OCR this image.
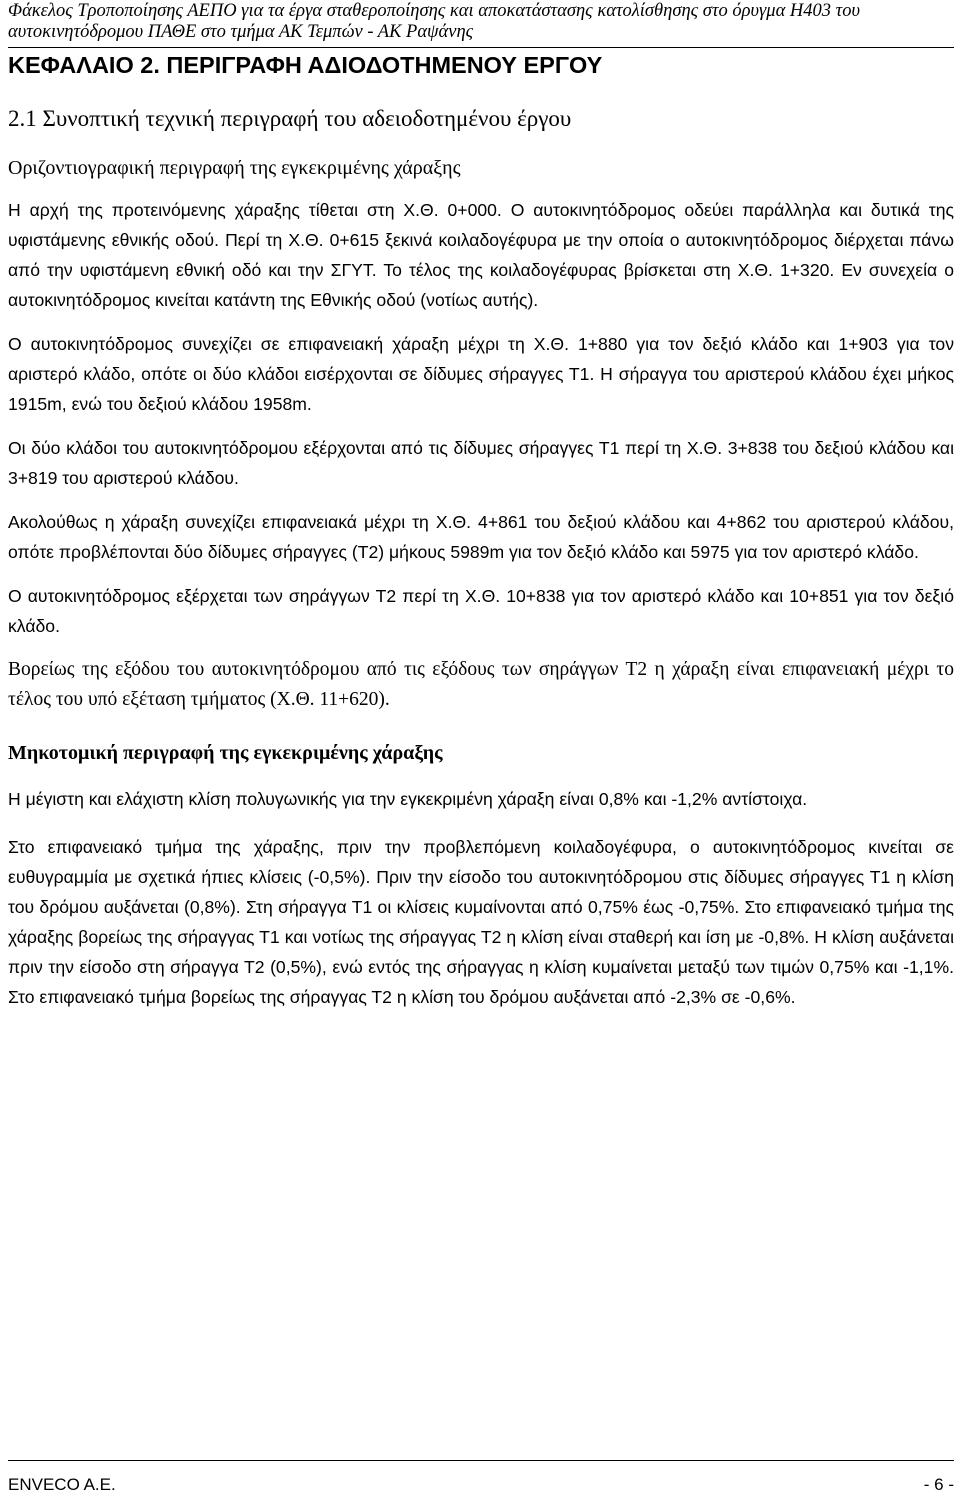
Φάκελος Τροποποίησης ΑΕΠΟ για τα έργα σταθεροποίησης και αποκατάστασης κατολίσθησης στο όρυγμα Η403 του
αυτοκινητόδρομου ΠΑΘΕ στο τμήμα ΑΚ Τεμπών - ΑΚ Ραψάνης
ΚΕΦΑΛΑΙΟ 2. ΠΕΡΙΓΡΑΦΗ ΑΔΙΟΔΟΤΗΜΕΝΟΥ ΕΡΓΟΥ
2.1 Συνοπτική τεχνική περιγραφή του αδειοδοτημένου έργου
Οριζοντιογραφική περιγραφή της εγκεκριμένης χάραξης

Η αρχή της προτεινόμενης χάραξης τίθεται στη Χ.Θ. 0+000. Ο αυτοκινητόδρομος οδεύει παράλληλα και δυτικά της υφιστάμενης εθνικής οδού. Περί τη Χ.Θ. 0+615 ξεκινά κοιλαδογέφυρα με την οποία ο αυτοκινητόδρομος διέρχεται πάνω από την υφιστάμενη εθνική οδό και την ΣΓΥΤ. Το τέλος της κοιλαδογέφυρας βρίσκεται στη Χ.Θ. 1+320. Εν συνεχεία ο αυτοκινητόδρομος κινείται κατάντη της Εθνικής οδού (νοτίως αυτής).

Ο αυτοκινητόδρομος συνεχίζει σε επιφανειακή χάραξη μέχρι τη Χ.Θ. 1+880 για τον δεξιό κλάδο και 1+903 για τον αριστερό κλάδο, οπότε οι δύο κλάδοι εισέρχονται σε δίδυμες σήραγγες Τ1. Η σήραγγα του αριστερού κλάδου έχει μήκος 1915m, ενώ του δεξιού κλάδου 1958m.

Οι δύο κλάδοι του αυτοκινητόδρομου εξέρχονται από τις δίδυμες σήραγγες Τ1 περί τη Χ.Θ. 3+838 του δεξιού κλάδου και 3+819 του αριστερού κλάδου.

Ακολούθως η χάραξη συνεχίζει επιφανειακά μέχρι τη Χ.Θ. 4+861 του δεξιού κλάδου και 4+862 του αριστερού κλάδου, οπότε προβλέπονται δύο δίδυμες σήραγγες (Τ2) μήκους 5989m για τον δεξιό κλάδο και 5975 για τον αριστερό κλάδο.

Ο αυτοκινητόδρομος εξέρχεται των σηράγγων Τ2 περί τη Χ.Θ. 10+838 για τον αριστερό κλάδο και 10+851 για τον δεξιό κλάδο.

Βορείως της εξόδου του αυτοκινητόδρομου από τις εξόδους των σηράγγων Τ2 η χάραξη είναι επιφανειακή μέχρι το τέλος του υπό εξέταση τμήματος (Χ.Θ. 11+620).

Μηκοτομική περιγραφή της εγκεκριμένης χάραξης

Η μέγιστη και ελάχιστη κλίση πολυγωνικής για την εγκεκριμένη χάραξη είναι 0,8% και -1,2% αντίστοιχα.

Στο επιφανειακό τμήμα της χάραξης, πριν την προβλεπόμενη κοιλαδογέφυρα, ο αυτοκινητόδρομος κινείται σε ευθυγραμμία με σχετικά ήπιες κλίσεις (-0,5%). Πριν την είσοδο του αυτοκινητόδρομου στις δίδυμες σήραγγες Τ1 η κλίση του δρόμου αυξάνεται (0,8%). Στη σήραγγα Τ1 οι κλίσεις κυμαίνονται από 0,75% έως -0,75%. Στο επιφανειακό τμήμα της χάραξης βορείως της σήραγγας Τ1 και νοτίως της σήραγγας Τ2 η κλίση είναι σταθερή και ίση με -0,8%. Η κλίση αυξάνεται πριν την είσοδο στη σήραγγα Τ2 (0,5%), ενώ εντός της σήραγγας η κλίση κυμαίνεται μεταξύ των τιμών 0,75% και -1,1%. Στο επιφανειακό τμήμα βορείως της σήραγγας Τ2 η κλίση του δρόμου αυξάνεται από -2,3% σε -0,6%.

ENVECO A.E.	- 6 -
